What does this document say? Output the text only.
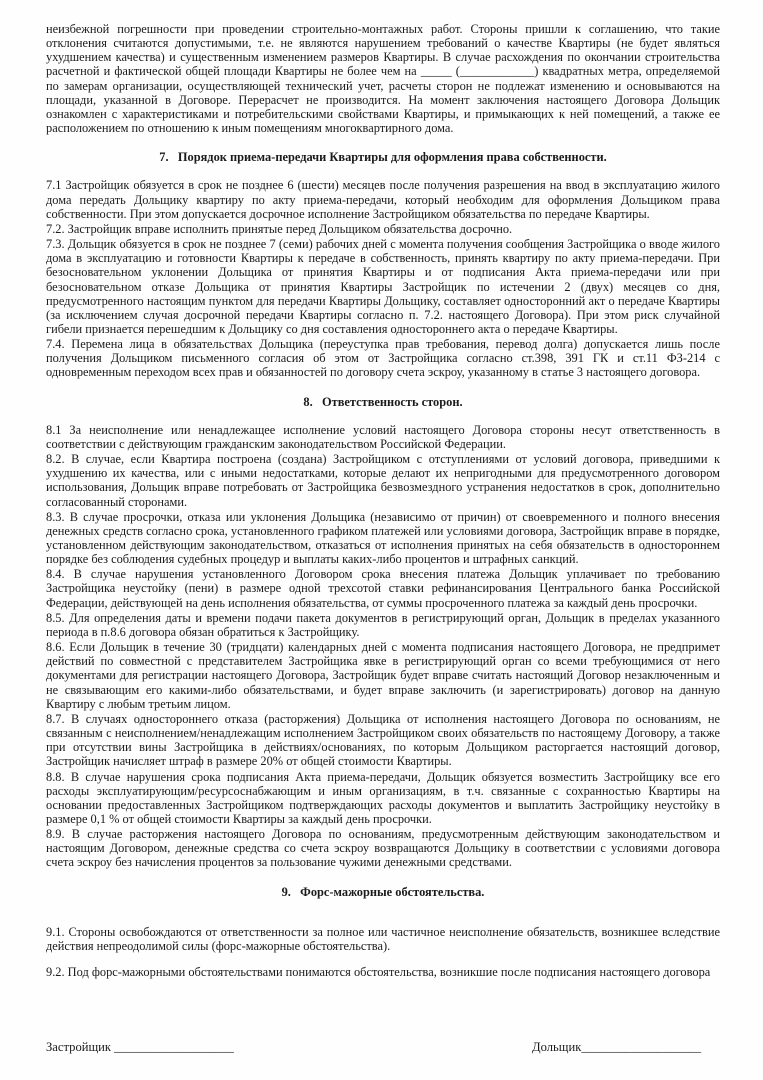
неизбежной погрешности при проведении строительно-монтажных работ. Стороны пришли к соглашению, что такие отклонения считаются допустимыми, т.е. не являются нарушением требований о качестве Квартиры (не будет являться ухудшением качества) и существенным изменением размеров Квартиры. В случае расхождения по окончании строительства расчетной и фактической общей площади Квартиры не более чем на _____ (____________) квадратных метра, определяемой по замерам организации, осуществляющей технический учет, расчеты сторон не подлежат изменению и основываются на площади, указанной в Договоре. Перерасчет не производится. На момент заключения настоящего Договора Дольщик ознакомлен с характеристиками и потребительскими свойствами Квартиры, и примыкающих к ней помещений, а также ее расположением по отношению к иным помещениям многоквартирного дома.

7.   Порядок приема-передачи Квартиры для оформления права собственности.

7.1 Застройщик обязуется в срок не позднее 6 (шести) месяцев после получения разрешения на ввод в эксплуатацию жилого дома передать Дольщику квартиру по акту приема-передачи, который необходим для оформления Дольщиком права собственности. При этом допускается досрочное исполнение Застройщиком обязательства по передаче Квартиры.

7.2. Застройщик вправе исполнить принятые перед Дольщиком обязательства досрочно.

7.3. Дольщик обязуется в срок не позднее 7 (семи) рабочих дней с момента получения сообщения Застройщика о вводе жилого дома в эксплуатацию и готовности Квартиры к передаче в собственность, принять квартиру по акту приема-передачи. При безосновательном уклонении Дольщика от принятия Квартиры и от подписания Акта приема-передачи или при безосновательном отказе Дольщика от принятия Квартиры Застройщик по истечении 2 (двух) месяцев со дня, предусмотренного настоящим пунктом для передачи Квартиры Дольщику, составляет односторонний акт о передаче Квартиры (за исключением случая досрочной передачи Квартиры согласно п. 7.2. настоящего Договора). При этом риск случайной гибели признается перешедшим к Дольщику со дня составления одностороннего акта о передаче Квартиры.

7.4. Перемена лица в обязательствах Дольщика (переуступка прав требования, перевод долга) допускается лишь после получения Дольщиком письменного согласия об этом от Застройщика согласно ст.398, 391 ГК и ст.11 ФЗ-214 с одновременным переходом всех прав и обязанностей по договору счета эскроу, указанному в статье 3 настоящего договора.

8.   Ответственность сторон.

8.1 За неисполнение или ненадлежащее исполнение условий настоящего Договора стороны несут ответственность в соответствии с действующим гражданским законодательством Российской Федерации.

8.2. В случае, если Квартира построена (создана) Застройщиком с отступлениями от условий договора, приведшими к ухудшению их качества, или с иными недостатками, которые делают их непригодными для предусмотренного договором использования, Дольщик вправе потребовать от Застройщика безвозмездного устранения недостатков в срок, дополнительно согласованный сторонами.

8.3. В случае просрочки, отказа или уклонения Дольщика (независимо от причин) от своевременного и полного внесения денежных средств согласно срока, установленного графиком платежей или условиями договора, Застройщик вправе в порядке, установленном действующим законодательством, отказаться от исполнения принятых на себя обязательств в одностороннем порядке без соблюдения судебных процедур и выплаты каких-либо процентов и штрафных санкций.

8.4. В случае нарушения установленного Договором срока внесения платежа Дольщик уплачивает по требованию Застройщика неустойку (пени) в размере одной трехсотой ставки рефинансирования Центрального банка Российской Федерации, действующей на день исполнения обязательства, от суммы просроченного платежа за каждый день просрочки.

8.5. Для определения даты и времени подачи пакета документов в регистрирующий орган, Дольщик в пределах указанного периода в п.8.6 договора обязан обратиться к Застройщику.

8.6. Если Дольщик в течение 30 (тридцати) календарных дней с момента подписания настоящего Договора, не предпримет действий по совместной с представителем Застройщика явке в регистрирующий орган со всеми требующимися от него документами для регистрации настоящего Договора, Застройщик будет вправе считать настоящий Договор незаключенным и не связывающим его какими-либо обязательствами, и будет вправе заключить (и зарегистрировать) договор на данную Квартиру с любым третьим лицом.

8.7. В случаях одностороннего отказа (расторжения) Дольщика от исполнения настоящего Договора по основаниям, не связанным с неисполнением/ненадлежащим исполнением Застройщиком своих обязательств по настоящему Договору, а также при отсутствии вины Застройщика в действиях/основаниях, по которым Дольщиком расторгается настоящий договор, Застройщик начисляет штраф в размере 20% от общей стоимости Квартиры.

8.8. В случае нарушения срока подписания Акта приема-передачи, Дольщик обязуется возместить Застройщику все его расходы эксплуатирующим/ресурсоснабжающим и иным организациям, в т.ч. связанные с сохранностью Квартиры на основании предоставленных Застройщиком подтверждающих расходы документов и выплатить Застройщику неустойку в размере 0,1 % от общей стоимости Квартиры за каждый день просрочки.

8.9. В случае расторжения настоящего Договора по основаниям, предусмотренным действующим законодательством и настоящим Договором, денежные средства со счета эскроу возвращаются Дольщику в соответствии с условиями договора счета эскроу без начисления процентов за пользование чужими денежными средствами.

9.   Форс-мажорные обстоятельства.

9.1. Стороны освобождаются от ответственности за полное или частичное неисполнение обязательств, возникшее вследствие действия непреодолимой силы (форс-мажорные обстоятельства).

9.2. Под форс-мажорными обстоятельствами понимаются обстоятельства, возникшие после подписания настоящего договора

Застройщик ___________________	Дольщик___________________
